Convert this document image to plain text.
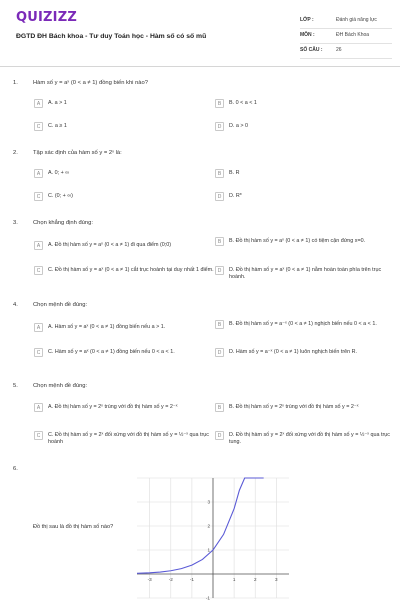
QUIZIZZ
ĐGTD ĐH Bách khoa - Tư duy Toán học - Hàm số có số mũ
LỚP :	Đánh giá năng lực
MÔN :	ĐH Bách Khoa
SỐ CÂU :	26
1.	Hàm số y = aˣ (0 < a ≠ 1) đồng biến khi nào?
A	A. a > 1	B	B. 0 < a < 1
C	C. a ≥ 1	D	D. a > 0
2.	Tập xác định của hàm số y = 2ˣ là:
A	A. 0; + ∞	B	B. R
C	C. (0; + ∞)	D	D. R*
3.	Chọn khẳng định đúng:
A	A. Đồ thị hàm số y = aˣ (0 < a ≠ 1) đi qua điểm (0;0)
B	B. Đồ thị hàm số y = aˣ (0 < a ≠ 1) có tiệm cận đứng x=0.
C	C. Đồ thị hàm số y = aˣ (0 < a ≠ 1) cắt trục hoành tại duy nhất 1 điểm. D	D. Đồ thị hàm số y = aˣ (0 < a ≠ 1) nằm hoàn toàn phía trên trục hoành.
4.	Chọn mệnh đề đúng:
A	A. Hàm số y = aˣ (0 < a ≠ 1) đồng biến nếu a > 1.	B	B. Đồ thị hàm số y = a⁻ˣ (0 < a ≠ 1) nghịch biến nếu 0 < a < 1.
C	C. Hàm số y = aˣ (0 < a ≠ 1) đồng biến nếu 0 < a < 1.	D	D. Hàm số y = a⁻ˣ (0 < a ≠ 1) luôn nghịch biến trên R.
5.	Chọn mệnh đề đúng:
A	A. Đồ thị hàm số y = 2ˣ trùng với đồ thị hàm số y = 2⁻ˣ	B	B. Đồ thị hàm số y = 2ˣ trùng với đồ thị hàm số y = 2⁻ˣ
C	C. Đồ thị hàm số y = 2ˣ đối xứng với đồ thị hàm số y = ½⁻ˣ qua trục hoành
D	D. Đồ thị hàm số y = 2ˣ đối xứng với đồ thị hàm số y = ½⁻ˣ qua trục tung.
6.
Đồ thị sau là đồ thị hàm số nào?
-3	-2	-1	1	2	3
-1
1
2
3
